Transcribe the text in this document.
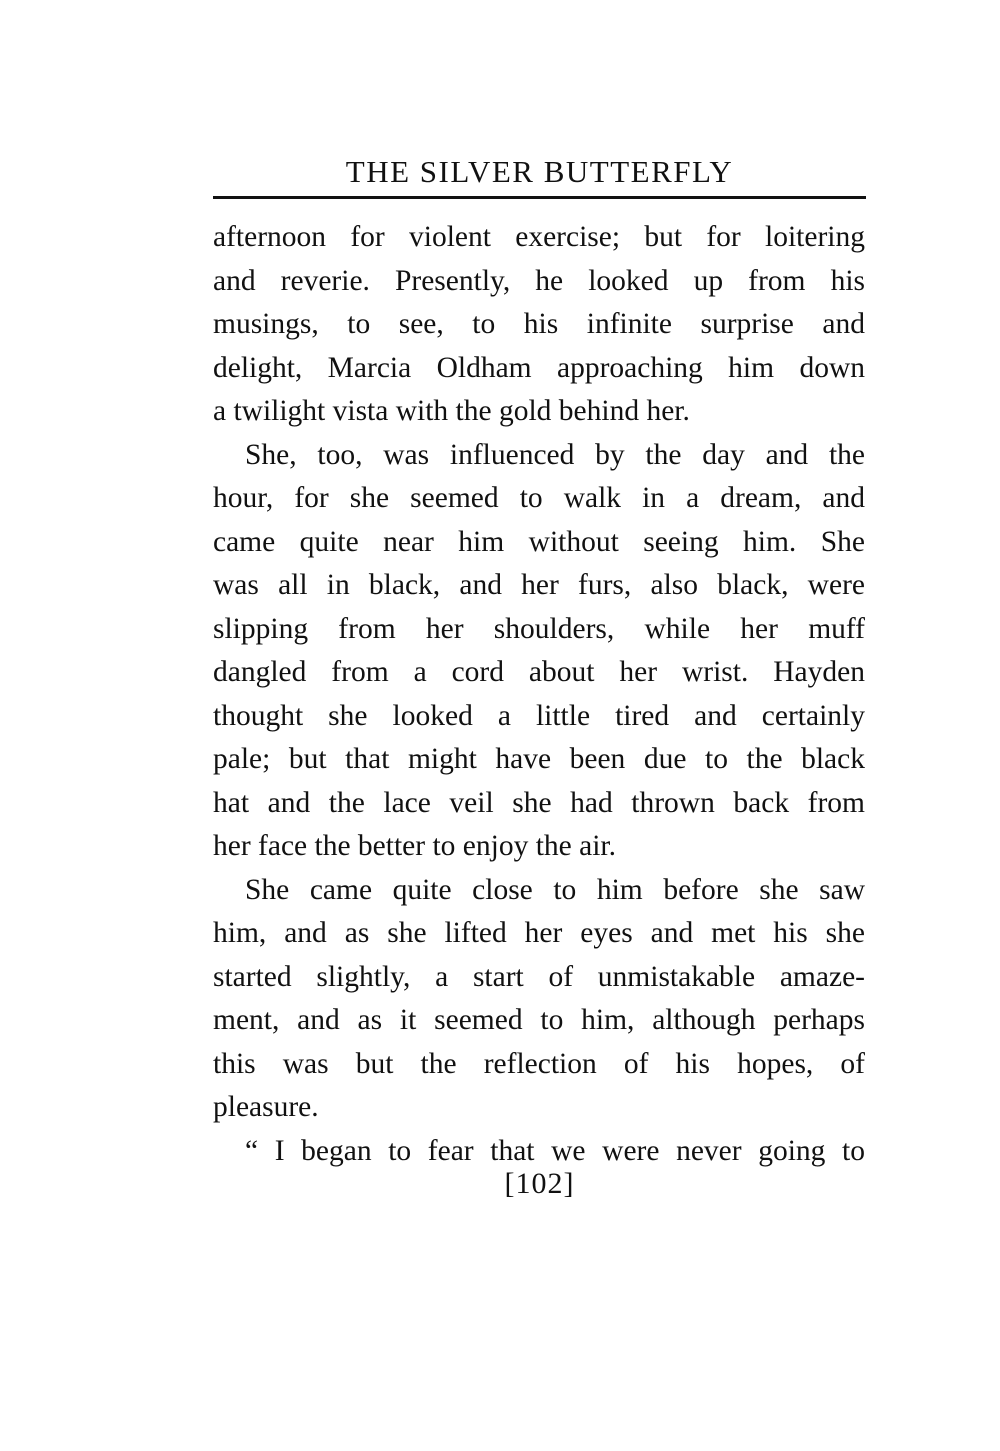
THE SILVER BUTTERFLY
afternoon for violent exercise; but for loitering
and reverie. Presently, he looked up from his
musings, to see, to his infinite surprise and
delight, Marcia Oldham approaching him down
a twilight vista with the gold behind her.
She, too, was influenced by the day and the
hour, for she seemed to walk in a dream, and
came quite near him without seeing him. She
was all in black, and her furs, also black, were
slipping from her shoulders, while her muff
dangled from a cord about her wrist. Hayden
thought she looked a little tired and certainly
pale; but that might have been due to the black
hat and the lace veil she had thrown back from
her face the better to enjoy the air.
She came quite close to him before she saw
him, and as she lifted her eyes and met his she
started slightly, a start of unmistakable amaze-
ment, and as it seemed to him, although perhaps
this was but the reflection of his hopes, of
pleasure.
“ I began to fear that we were never going to
[102]
